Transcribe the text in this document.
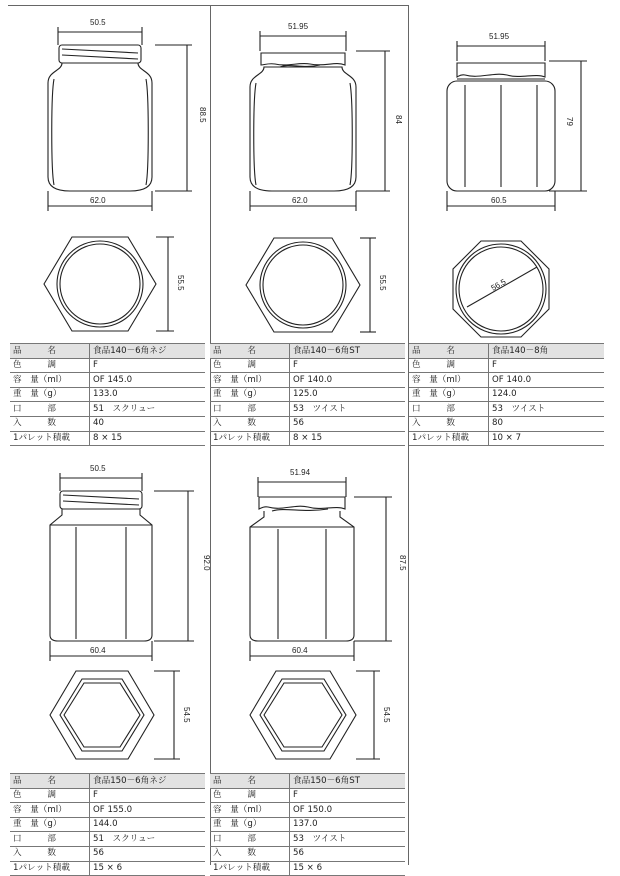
50.5
88.5
62.0
55.5
品　　　名	食品140－6角ネジ
色　　　調	F
容　量（ml）	OF 145.0
重　量（g）	133.0
口　　　部	51　スクリュー
入　　　数	40
1パレット積載	8 × 15
51.95
84
62.0
55.5
品　　　名	食品140－6角ST
色　　　調	F
容　量（ml）	OF 140.0
重　量（g）	125.0
口　　　部	53　ツイスト
入　　　数	56
1パレット積載	8 × 15
51.95
79
60.5
56.5
品　　　名	食品140－8角
色　　　調	F
容　量（ml）	OF 140.0
重　量（g）	124.0
口　　　部	53　ツイスト
入　　　数	80
1パレット積載	10 × 7
50.5
92.0
60.4
54.5
品　　　名	食品150－6角ネジ
色　　　調	F
容　量（ml）	OF 155.0
重　量（g）	144.0
口　　　部	51　スクリュー
入　　　数	56
1パレット積載	15 × 6
51.94
87.5
60.4
54.5
品　　　名	食品150－6角ST
色　　　調	F
容　量（ml）	OF 150.0
重　量（g）	137.0
口　　　部	53　ツイスト
入　　　数	56
1パレット積載	15 × 6
